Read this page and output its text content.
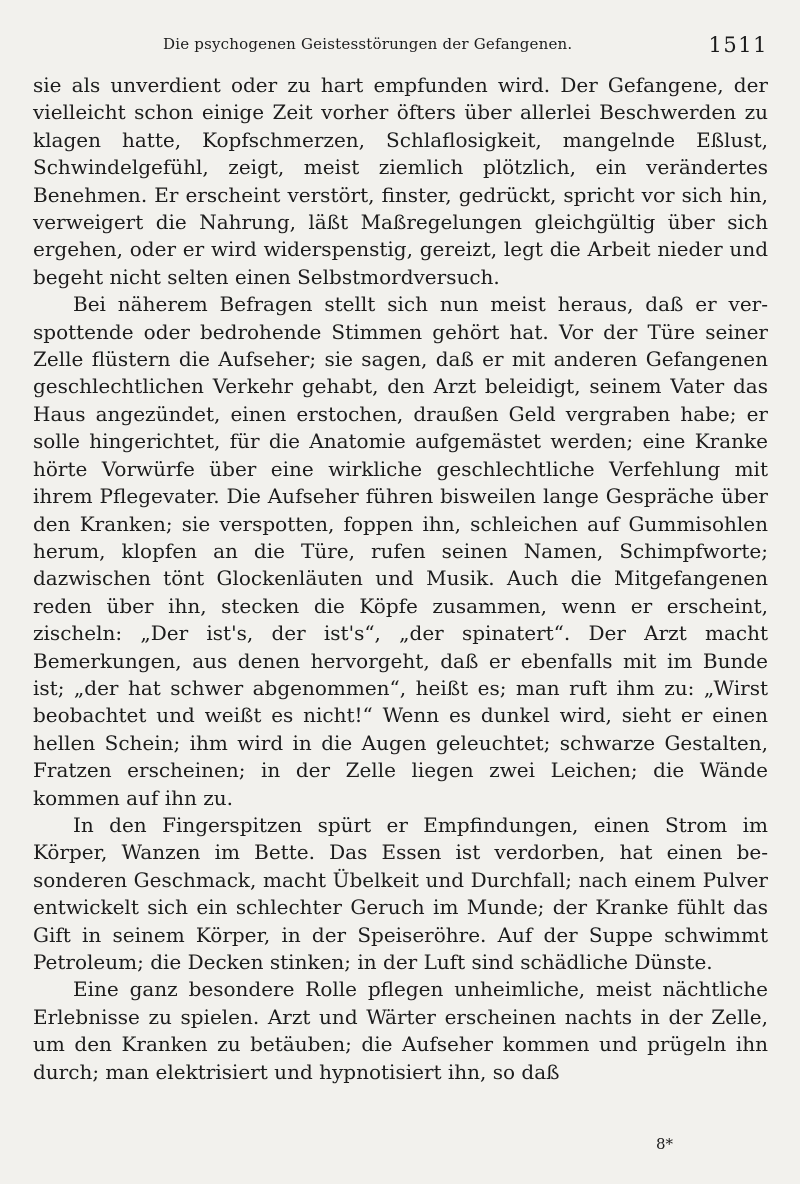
Die psychogenen Geistesstörungen der Gefangenen.	1511

sie als unverdient oder zu hart empfunden wird. Der Gefangene, der vielleicht schon einige Zeit vorher öfters über allerlei Beschwerden zu klagen hatte, Kopfschmerzen, Schlaflosigkeit, mangelnde Eßlust, Schwindelgefühl, zeigt, meist ziemlich plötzlich, ein verändertes Benehmen. Er erscheint verstört, finster, gedrückt, spricht vor sich hin, verweigert die Nahrung, läßt Maßregelungen gleichgültig über sich ergehen, oder er wird widerspenstig, gereizt, legt die Arbeit nieder und begeht nicht selten einen Selbstmordversuch.

Bei näherem Befragen stellt sich nun meist heraus, daß er verspottende oder bedrohende Stimmen gehört hat. Vor der Türe seiner Zelle flüstern die Aufseher; sie sagen, daß er mit anderen Gefangenen geschlechtlichen Verkehr gehabt, den Arzt beleidigt, seinem Vater das Haus angezündet, einen erstochen, draußen Geld vergraben habe; er solle hingerichtet, für die Anatomie aufgemästet werden; eine Kranke hörte Vorwürfe über eine wirkliche geschlechtliche Verfehlung mit ihrem Pflegevater. Die Aufseher führen bisweilen lange Gespräche über den Kranken; sie verspotten, foppen ihn, schleichen auf Gummisohlen herum, klopfen an die Türe, rufen seinen Namen, Schimpfworte; dazwischen tönt Glockenläuten und Musik. Auch die Mitgefangenen reden über ihn, stecken die Köpfe zusammen, wenn er erscheint, zischeln: „Der ist's, der ist's“, „der spinatert“. Der Arzt macht Bemerkungen, aus denen hervorgeht, daß er ebenfalls mit im Bunde ist; „der hat schwer abgenommen“, heißt es; man ruft ihm zu: „Wirst beobachtet und weißt es nicht!“ Wenn es dunkel wird, sieht er einen hellen Schein; ihm wird in die Augen geleuchtet; schwarze Gestalten, Fratzen erscheinen; in der Zelle liegen zwei Leichen; die Wände kommen auf ihn zu.

In den Fingerspitzen spürt er Empfindungen, einen Strom im Körper, Wanzen im Bette. Das Essen ist verdorben, hat einen besonderen Geschmack, macht Übelkeit und Durchfall; nach einem Pulver entwickelt sich ein schlechter Geruch im Munde; der Kranke fühlt das Gift in seinem Körper, in der Speiseröhre. Auf der Suppe schwimmt Petroleum; die Decken stinken; in der Luft sind schädliche Dünste.

Eine ganz besondere Rolle pflegen unheimliche, meist nächtliche Erlebnisse zu spielen. Arzt und Wärter erscheinen nachts in der Zelle, um den Kranken zu betäuben; die Aufseher kommen und prügeln ihn durch; man elektrisiert und hypnotisiert ihn, so daß

8*
